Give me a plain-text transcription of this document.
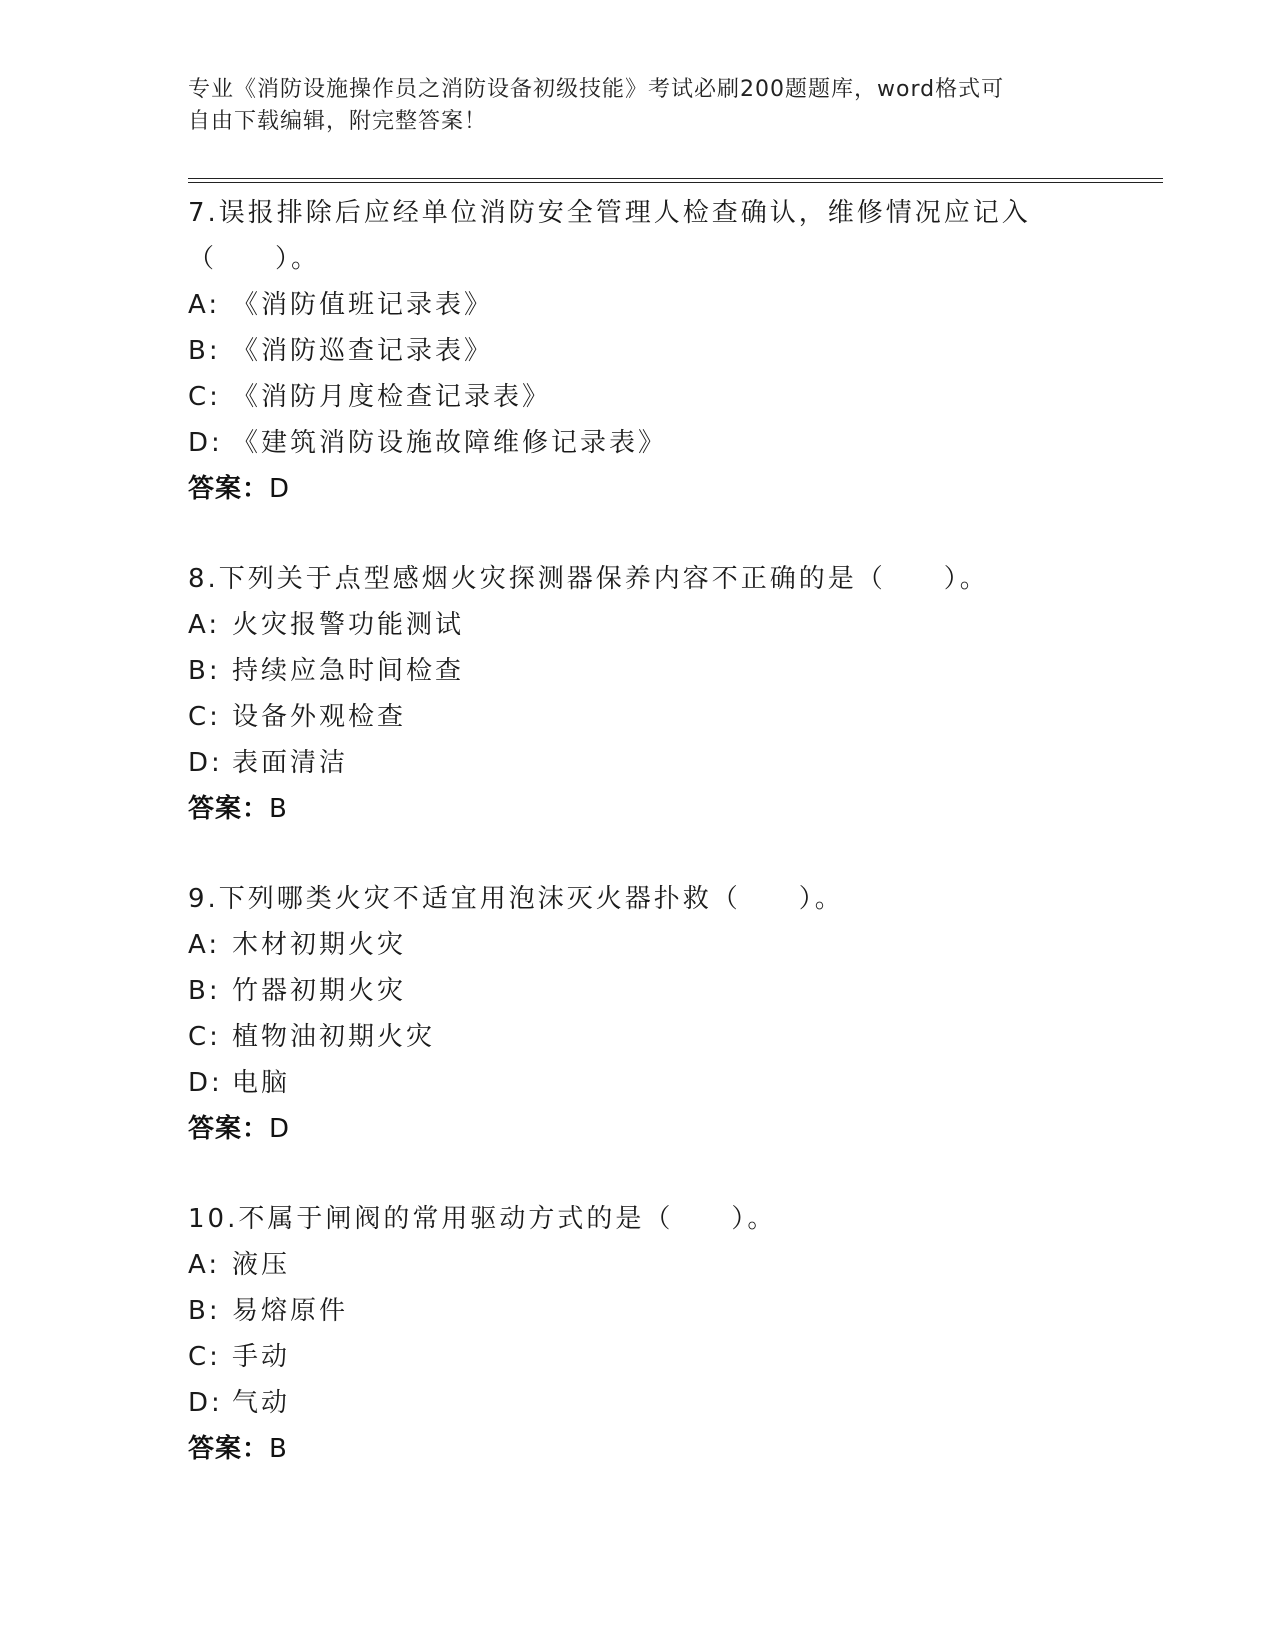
专业《消防设施操作员之消防设备初级技能》考试必刷200题题库，word格式可
自由下载编辑，附完整答案！
7.误报排除后应经单位消防安全管理人检查确认，维修情况应记入（　　）。
A: 《消防值班记录表》
B: 《消防巡查记录表》
C: 《消防月度检查记录表》
D: 《建筑消防设施故障维修记录表》
答案：D
8.下列关于点型感烟火灾探测器保养内容不正确的是（　　）。
A: 火灾报警功能测试
B: 持续应急时间检查
C: 设备外观检查
D: 表面清洁
答案：B
9.下列哪类火灾不适宜用泡沫灭火器扑救（　　）。
A: 木材初期火灾
B: 竹器初期火灾
C: 植物油初期火灾
D: 电脑
答案：D
10.不属于闸阀的常用驱动方式的是（　　）。
A: 液压
B: 易熔原件
C: 手动
D: 气动
答案：B
